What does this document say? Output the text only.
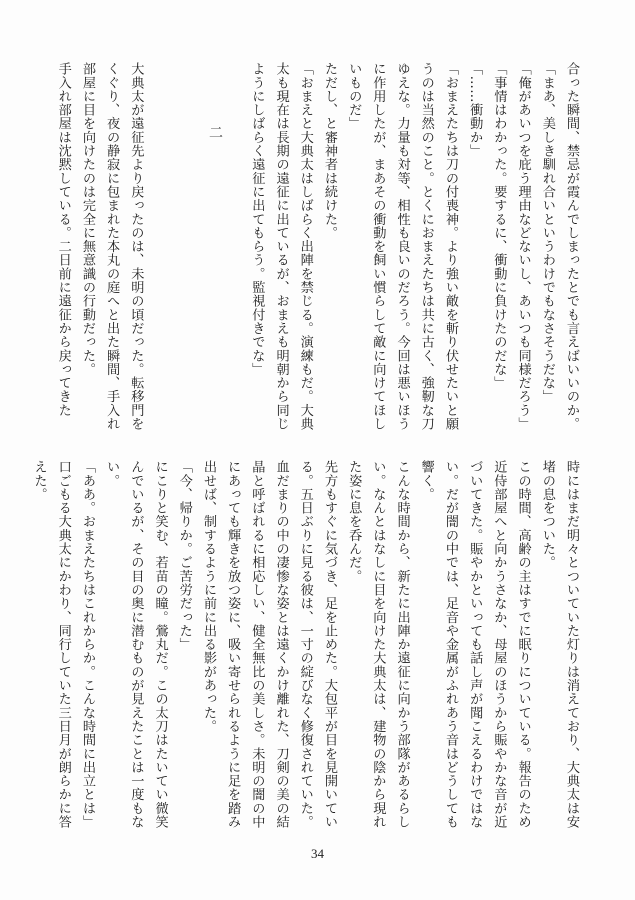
合った瞬間、禁忌が霞んでしまったとでも言えばいいのか。

「まあ、美しき馴れ合いというわけでもなさそうだな」

「俺があいつを庇う理由などないし、あいつも同様だろう」

「事情はわかった。要するに、衝動に負けたのだな」

「……衝動か」

「おまえたちは刀の付喪神。より強い敵を斬り伏せたいと願うのは当然のこと。とくにおまえたちは共に古く、強靭な刀ゆえな。力量も対等、相性も良いのだろう。今回は悪いほうに作用したが、まあその衝動を飼い慣らして敵に向けてほしいものだ」

ただし、と審神者は続けた。

「おまえと大典太はしばらく出陣を禁じる。演練もだ。大典太も現在は長期の遠征に出ているが、おまえも明朝から同じようにしばらく遠征に出てもらう。監視付きでな」

大典太が遠征先より戻ったのは、未明の頃だった。転移門をくぐり、夜の静寂に包まれた本丸の庭へと出た瞬間、手入れ部屋に目を向けたのは完全に無意識の行動だった。

手入れ部屋は沈黙している。二日前に遠征から戻ってきた	二

時にはまだ明々とついていた灯りは消えており、大典太は安堵の息をついた。

この時間、高齢の主はすでに眠りについている。報告のため近侍部屋へと向かうさなか、母屋のほうから賑やかな音が近づいてきた。賑やかといっても話し声が聞こえるわけではない。だが闇の中では、足音や金属がふれあう音はどうしても響く。

こんな時間から、新たに出陣か遠征に向かう部隊があるらしい。なんとはなしに目を向けた大典太は、建物の陰から現れた姿に息を呑んだ。

先方もすぐに気づき、足を止めた。大包平が目を見開いている。五日ぶりに見る彼は、一寸の綻びなく修復されていた。血だまりの中の凄惨な姿とは遠くかけ離れた、刀剣の美の結晶と呼ばれるに相応しい、健全無比の美しさ。未明の闇の中にあっても輝きを放つ姿に、吸い寄せられるように足を踏み出せば、制するように前に出る影があった。

「今、帰りか。ご苦労だった」

にこりと笑む、若苗の瞳。鶯丸だ。この太刀はたいてい微笑んでいるが、その目の奥に潜むものが見えたことは一度もない。

「ああ。おまえたちはこれからか。こんな時間に出立とは」

口ごもる大典太にかわり、同行していた三日月が朗らかに答えた。

34
